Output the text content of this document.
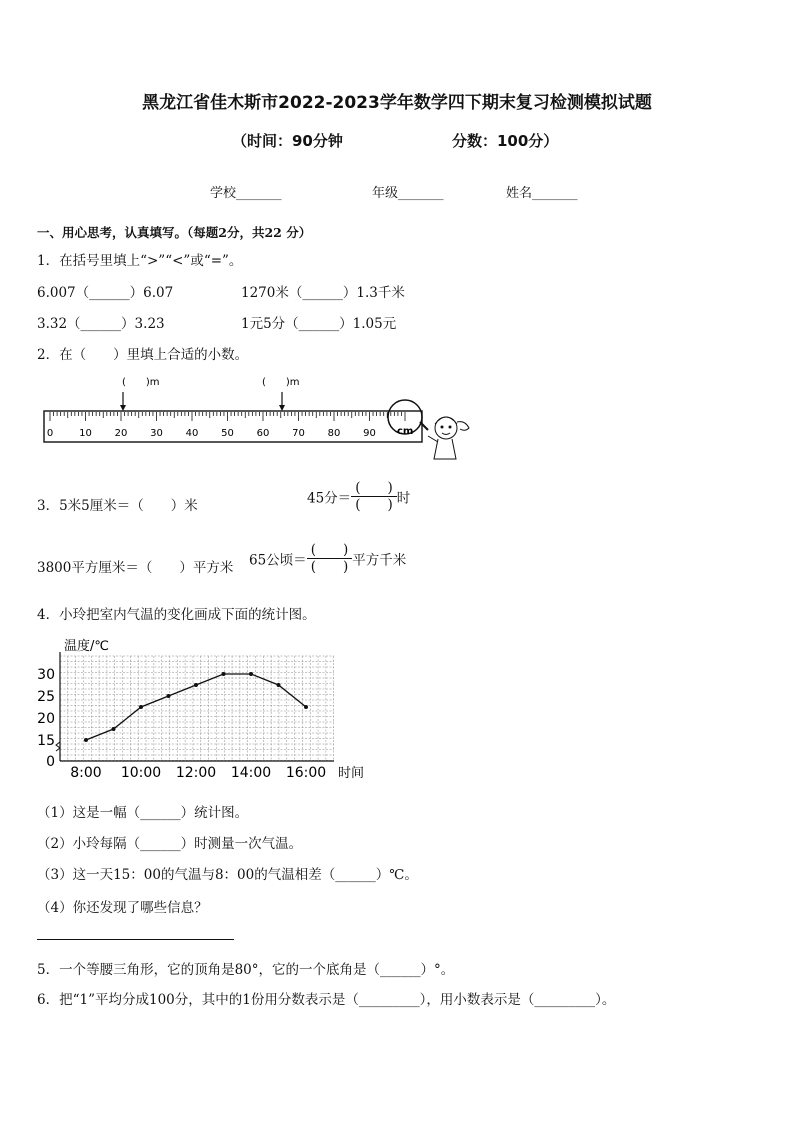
黑龙江省佳木斯市2022-2023学年数学四下期末复习检测模拟试题
（时间：90分钟	分数：100分）
学校_______	年级_______	姓名_______
一、用心思考，认真填写。（每题2分，共22 分）
1．在括号里填上“>”“<”或“=”。
6.007（______）6.07	1270米（______）1.3千米
3.32（______）3.23	1元5分（______）1.05元
2．在（　　）里填上合适的小数。
(　　)m	(　　)m
0	10 20 30 40 50 60 70 80 90 cm
3．5米5厘米＝（　　）米	45分＝ $\frac{( )}{( )}$ 时
3800平方厘米＝（　　）平方米 65公顷＝ $\frac{( )}{( )}$ 平方千米
4．小玲把室内气温的变化画成下面的统计图。
温度/℃
时间
0
15
20
25
30
8:00 10:00 12:00 14:00 16:00
（1）这是一幅（______）统计图。
（2）小玲每隔（______）时测量一次气温。
（3）这一天15：00的气温与8：00的气温相差（______）℃。
（4）你还发现了哪些信息？
5．一个等腰三角形，它的顶角是80°，它的一个底角是（______）°。
6．把“1”平均分成100分，其中的1份用分数表示是（_________），用小数表示是（_________）。
